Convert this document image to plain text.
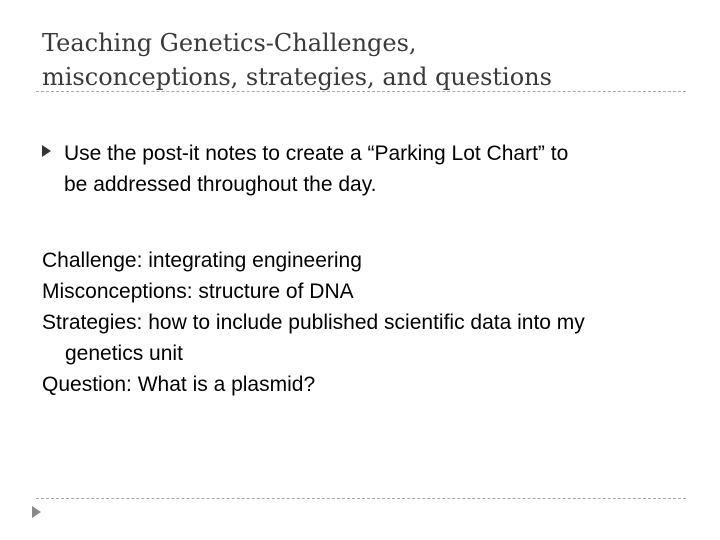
Teaching Genetics-Challenges,
misconceptions, strategies, and questions
Use the post-it notes to create a “Parking Lot Chart” to
be addressed throughout the day.
Challenge: integrating engineering
Misconceptions: structure of DNA
Strategies: how to include published scientific data into my
genetics unit
Question: What is a plasmid?
